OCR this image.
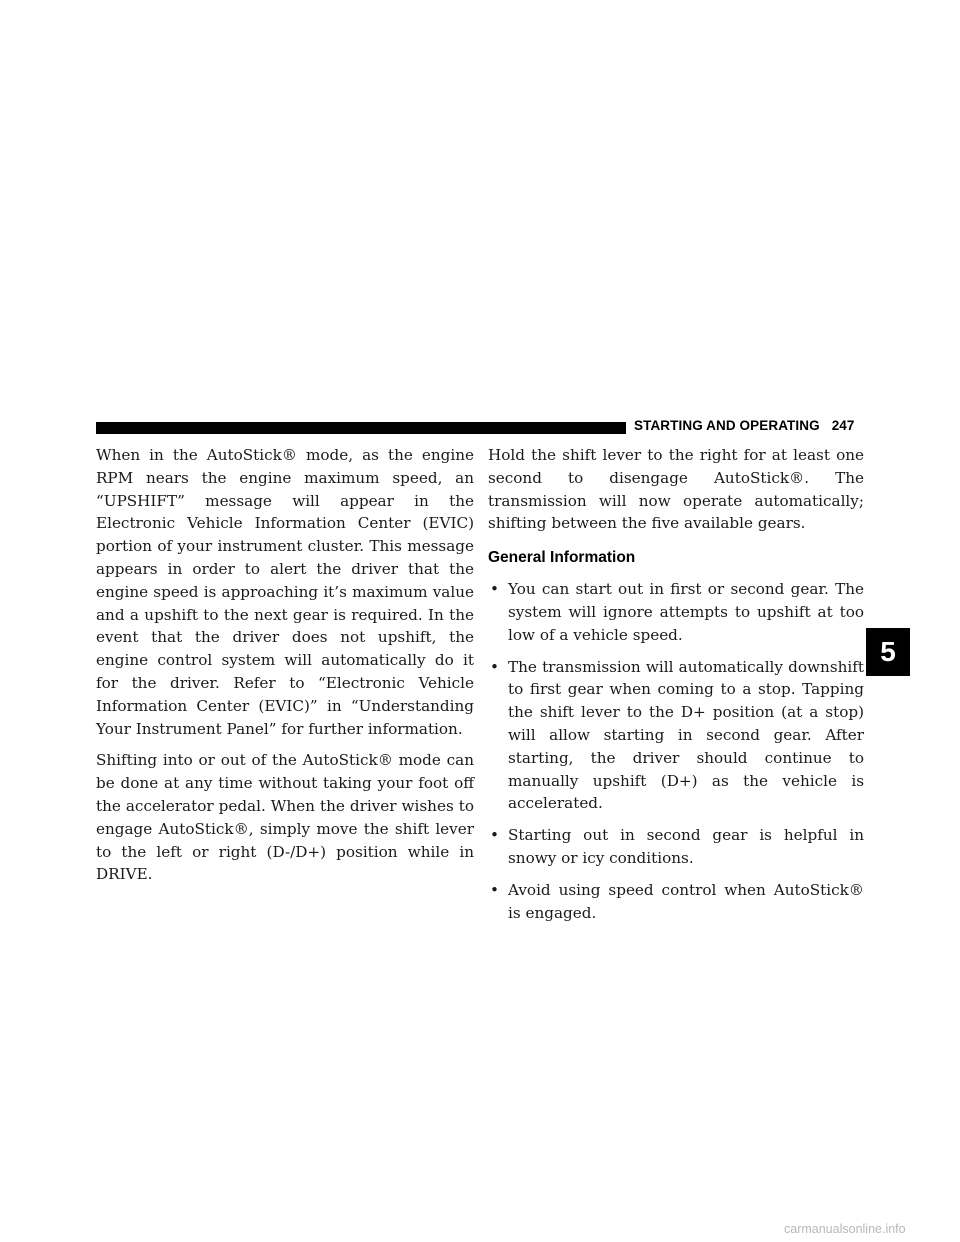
STARTING AND OPERATING 247

When in the AutoStick® mode, as the engine RPM nears the engine maximum speed, an “UPSHIFT” message will appear in the Electronic Vehicle Information Center (EVIC) portion of your instrument cluster. This message appears in order to alert the driver that the engine speed is approaching it’s maximum value and a upshift to the next gear is required. In the event that the driver does not upshift, the engine control system will automatically do it for the driver. Refer to “Electronic Vehicle Information Center (EVIC)” in “Understanding Your Instrument Panel” for further information.

Shifting into or out of the AutoStick® mode can be done at any time without taking your foot off the accelerator pedal. When the driver wishes to engage AutoStick®, simply move the shift lever to the left or right (D-/D+) position while in DRIVE.

Hold the shift lever to the right for at least one second to disengage AutoStick®. The transmission will now operate automatically; shifting between the five available gears.

General Information
• You can start out in first or second gear. The system will ignore attempts to upshift at too low of a vehicle speed.
• The transmission will automatically downshift to first gear when coming to a stop. Tapping the shift lever to the D+ position (at a stop) will allow starting in second gear. After starting, the driver should continue to manually upshift (D+) as the vehicle is accelerated.
• Starting out in second gear is helpful in snowy or icy conditions.
• Avoid using speed control when AutoStick® is engaged.
5
carmanualsonline.info
